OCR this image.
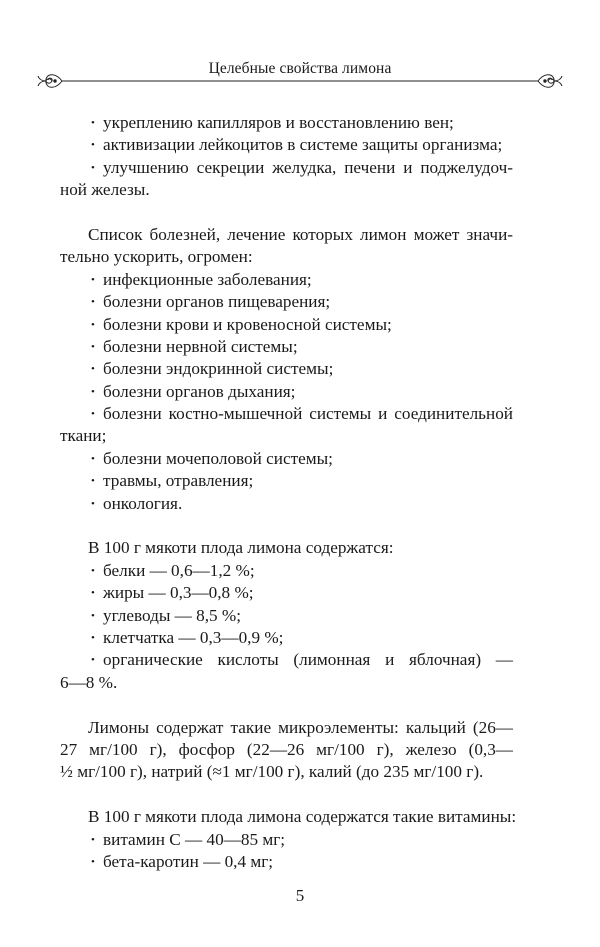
Целебные свойства лимона
• укреплению капилляров и восстановлению вен;
• активизации лейкоцитов в системе защиты организма;
• улучшению секреции желудка, печени и поджелудоч-
ной железы.
Список болезней, лечение которых лимон может значи-
тельно ускорить, огромен:
• инфекционные заболевания;
• болезни органов пищеварения;
• болезни крови и кровеносной системы;
• болезни нервной системы;
• болезни эндокринной системы;
• болезни органов дыхания;
• болезни костно-мышечной системы и соединительной
ткани;
• болезни мочеполовой системы;
• травмы, отравления;
• онкология.
В 100 г мякоти плода лимона содержатся:
• белки — 0,6—1,2 %;
• жиры — 0,3—0,8 %;
• углеводы — 8,5 %;
• клетчатка — 0,3—0,9 %;
• органические кислоты (лимонная и яблочная) —
6—8 %.
Лимоны содержат такие микроэлементы: кальций (26—
27 мг/100 г), фосфор (22—26 мг/100 г), железо (0,3—
½ мг/100 г), натрий (≈1 мг/100 г), калий (до 235 мг/100 г).
В 100 г мякоти плода лимона содержатся такие витамины:
• витамин С — 40—85 мг;
• бета-каротин — 0,4 мг;
5
